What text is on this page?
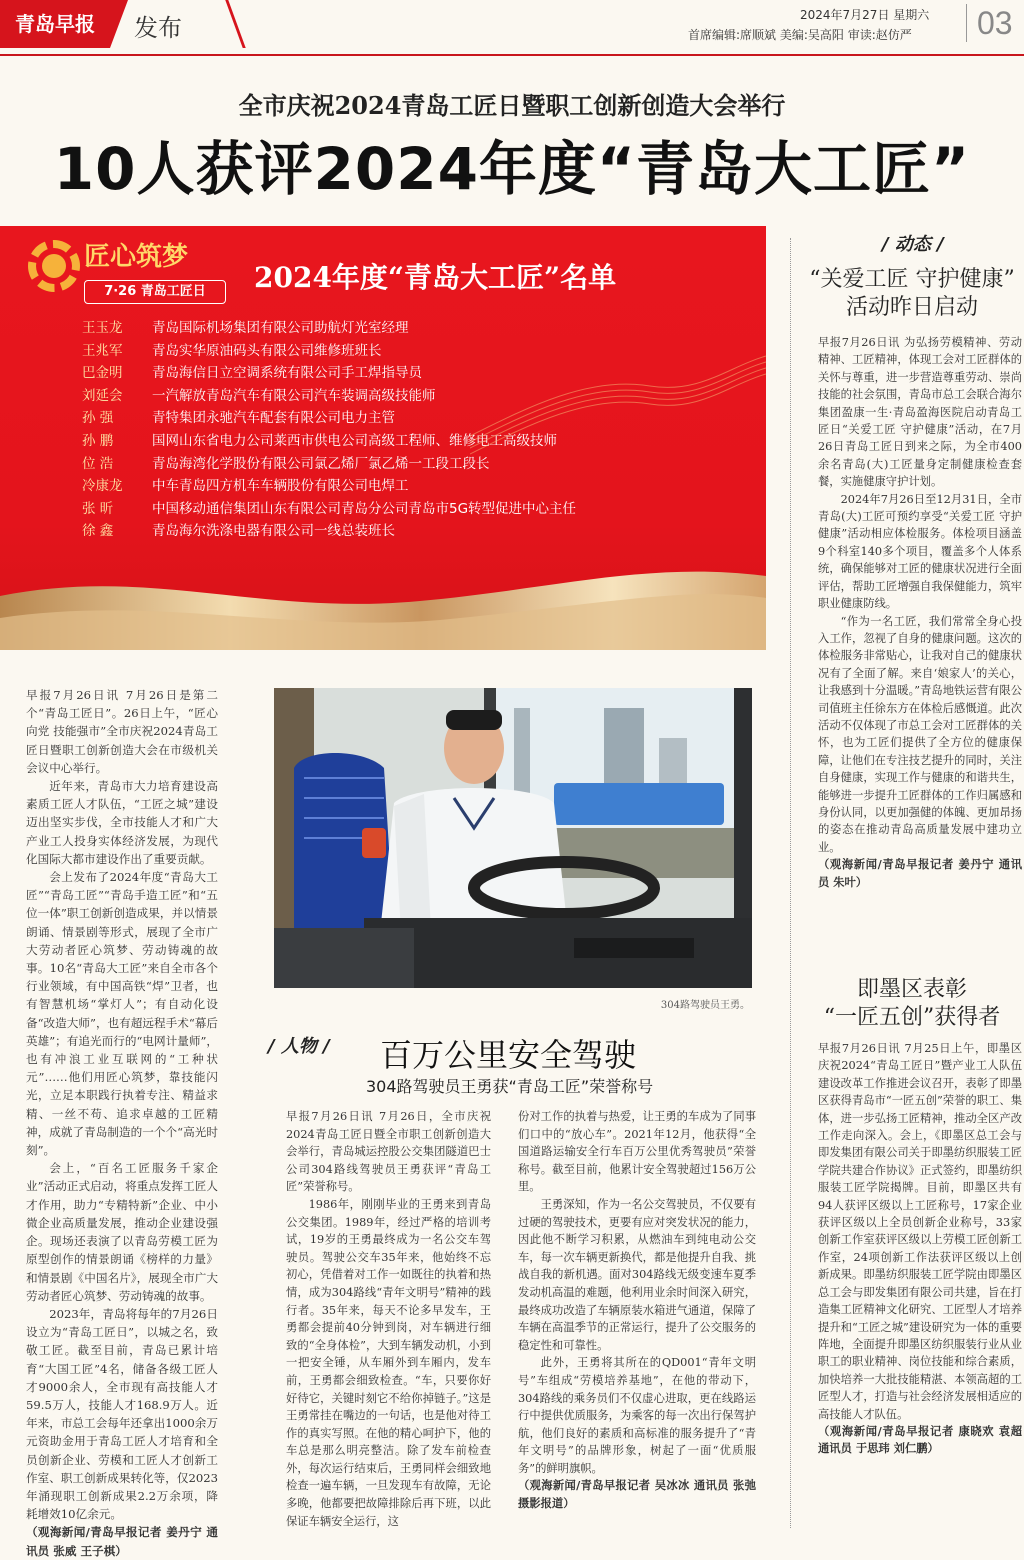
青岛早报	发布	2024年7月27日 星期六
首席编辑:席顺斌 美编:吴高阳 审读:赵仿严	03
全市庆祝2024青岛工匠日暨职工创新创造大会举行
10人获评2024年度“青岛大工匠”
匠心筑梦
7·26 青岛工匠日	2024年度“青岛大工匠”名单
王玉龙 青岛国际机场集团有限公司助航灯光室经理
王兆军 青岛实华原油码头有限公司维修班班长
巴金明 青岛海信日立空调系统有限公司手工焊指导员
刘延会 一汽解放青岛汽车有限公司汽车装调高级技能师
孙 强	青特集团永驰汽车配套有限公司电力主管
孙 鹏	国网山东省电力公司莱西市供电公司高级工程师、维修电工高级技师
位 浩	青岛海湾化学股份有限公司氯乙烯厂氯乙烯一工段工段长
冷康龙 中车青岛四方机车车辆股份有限公司电焊工
张 昕	中国移动通信集团山东有限公司青岛分公司青岛市5G转型促进中心主任
徐 鑫	青岛海尔洗涤电器有限公司一线总装班长

早报7月26日讯 7月26日是第二个“青岛工匠日”。26日上午，“匠心向党 技能强市”全市庆祝2024青岛工匠日暨职工创新创造大会在市级机关会议中心举行。

近年来，青岛市大力培育建设高素质工匠人才队伍，“工匠之城”建设迈出坚实步伐，全市技能人才和广大产业工人投身实体经济发展，为现代化国际大都市建设作出了重要贡献。

会上发布了2024年度“青岛大工匠”“青岛工匠”“青岛手造工匠”和“五位一体”职工创新创造成果，并以情景朗诵、情景剧等形式，展现了全市广大劳动者匠心筑梦、劳动铸魂的故事。10名“青岛大工匠”来自全市各个行业领域，有中国高铁“焊”卫者，也有智慧机场“掌灯人”；有自动化设备“改造大师”，也有超远程手术“幕后英雄”；有追光而行的“电网计量师”，也有冲浪工业互联网的“工种状元”……他们用匠心筑梦，靠技能闪光，立足本职践行执着专注、精益求精、一丝不苟、追求卓越的工匠精神，成就了青岛制造的一个个“高光时刻”。

会上，“百名工匠服务千家企业”活动正式启动，将重点发挥工匠人才作用，助力“专精特新”企业、中小微企业高质量发展，推动企业建设强企。现场还表演了以青岛劳模工匠为原型创作的情景朗诵《榜样的力量》和情景剧《中国名片》，展现全市广大劳动者匠心筑梦、劳动铸魂的故事。

2023年，青岛将每年的7月26日设立为“青岛工匠日”，以城之名，致敬工匠。截至目前，青岛已累计培育“大国工匠”4名，储备各级工匠人才9000余人，全市现有高技能人才59.5万人，技能人才168.9万人。近年来，市总工会每年还拿出1000余万元资助金用于青岛工匠人才培育和全员创新企业、劳模和工匠人才创新工作室、职工创新成果转化等，仅2023年涌现职工创新成果2.2万余项，降耗增效10亿余元。

（观海新闻/青岛早报记者 姜丹宁 通讯员 张威 王子棋）

304路驾驶员王勇。
/ 人物 / 百万公里安全驾驶
304路驾驶员王勇获“青岛工匠”荣誉称号

早报7月26日讯 7月26日，全市庆祝2024青岛工匠日暨全市职工创新创造大会举行，青岛城运控股公交集团隧道巴士公司304路线驾驶员王勇获评“青岛工匠”荣誉称号。

1986年，刚刚毕业的王勇来到青岛公交集团。1989年，经过严格的培训考试，19岁的王勇最终成为一名公交车驾驶员。驾驶公交车35年来，他始终不忘初心，凭借着对工作一如既往的执着和热情，成为304路线“青年文明号”精神的践行者。35年来，每天不论多早发车，王勇都会提前40分钟到岗，对车辆进行细致的“全身体检”，大到车辆发动机，小到一把安全锤，从车厢外到车厢内，发车前，王勇都会细致检查。“车，只要你好好待它，关键时刻它不给你掉链子。”这是王勇常挂在嘴边的一句话，也是他对待工作的真实写照。在他的精心呵护下，他的车总是那么明亮整洁。除了发车前检查外，每次运行结束后，王勇同样会细致地检查一遍车辆，一旦发现车有故障，无论多晚，他都要把故障排除后再下班，以此保证车辆安全运行，这

份对工作的执着与热爱，让王勇的车成为了同事们口中的“放心车”。2021年12月，他获得“全国道路运输安全行车百万公里优秀驾驶员”荣誉称号。截至目前，他累计安全驾驶超过156万公里。

王勇深知，作为一名公交驾驶员，不仅要有过硬的驾驶技术，更要有应对突发状况的能力，因此他不断学习积累，从燃油车到纯电动公交车，每一次车辆更新换代，都是他提升自我、挑战自我的新机遇。面对304路线无级变速车夏季发动机高温的难题，他利用业余时间深入研究，最终成功改造了车辆原装水箱进气通道，保障了车辆在高温季节的正常运行，提升了公交服务的稳定性和可靠性。

此外，王勇将其所在的QD001“青年文明号”车组成“劳模培养基地”，在他的带动下，304路线的乘务员们不仅虚心进取，更在线路运行中提供优质服务，为乘客的每一次出行保驾护航，他们良好的素质和高标准的服务提升了“青年文明号”的品牌形象，树起了一面“优质服务”的鲜明旗帜。

（观海新闻/青岛早报记者 吴冰冰 通讯员 张弛 摄影报道）

/ 动态 /
“关爱工匠 守护健康”
活动昨日启动

早报7月26日讯 为弘扬劳模精神、劳动精神、工匠精神，体现工会对工匠群体的关怀与尊重，进一步营造尊重劳动、崇尚技能的社会氛围，青岛市总工会联合海尔集团盈康一生·青岛盈海医院启动青岛工匠日“关爱工匠 守护健康”活动，在7月26日青岛工匠日到来之际，为全市400余名青岛(大)工匠量身定制健康检查套餐，实施健康守护计划。

2024年7月26日至12月31日，全市青岛(大)工匠可预约享受“关爱工匠 守护健康”活动相应体检服务。体检项目涵盖9个科室140多个项目，覆盖多个人体系统，确保能够对工匠的健康状况进行全面评估，帮助工匠增强自我保健能力，筑牢职业健康防线。

“作为一名工匠，我们常常全身心投入工作，忽视了自身的健康问题。这次的体检服务非常贴心，让我对自己的健康状况有了全面了解。来自‘娘家人’的关心，让我感到十分温暖。”青岛地铁运营有限公司值班主任徐东方在体检后感慨道。此次活动不仅体现了市总工会对工匠群体的关怀，也为工匠们提供了全方位的健康保障，让他们在专注技艺提升的同时，关注自身健康，实现工作与健康的和谐共生，能够进一步提升工匠群体的工作归属感和身份认同，以更加强健的体魄、更加昂扬的姿态在推动青岛高质量发展中建功立业。

（观海新闻/青岛早报记者 姜丹宁 通讯员 朱叶）

即墨区表彰
“一匠五创”获得者

早报7月26日讯 7月25日上午，即墨区庆祝2024“青岛工匠日”暨产业工人队伍建设改革工作推进会议召开，表彰了即墨区获得青岛市“一匠五创”荣誉的职工、集体，进一步弘扬工匠精神，推动全区产改工作走向深入。会上，《即墨区总工会与即发集团有限公司关于即墨纺织服装工匠学院共建合作协议》正式签约，即墨纺织服装工匠学院揭牌。目前，即墨区共有94人获评区级以上工匠称号，17家企业获评区级以上全员创新企业称号，33家创新工作室获评区级以上劳模工匠创新工作室，24项创新工作法获评区级以上创新成果。即墨纺织服装工匠学院由即墨区总工会与即发集团有限公司共建，旨在打造集工匠精神文化研究、工匠型人才培养提升和“工匠之城”建设研究为一体的重要阵地，全面提升即墨区纺织服装行业从业职工的职业精神、岗位技能和综合素质，加快培养一大批技能精湛、本领高超的工匠型人才，打造与社会经济发展相适应的高技能人才队伍。

（观海新闻/青岛早报记者 康晓欢 袁超 通讯员 于思玮 刘仁鹏）
